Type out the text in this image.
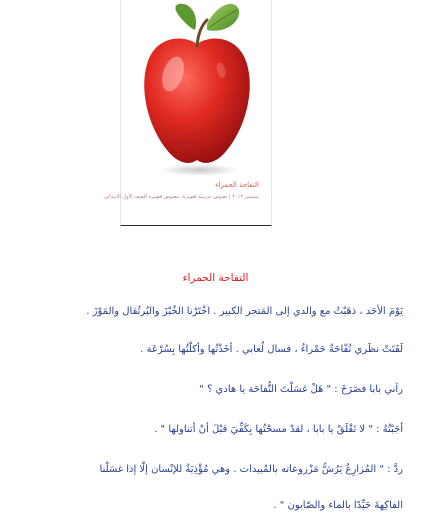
التفاحة الحمراء
سبتمبر ٢٠١٢ | نصوص تدريبية قصيرة، بنصوص قصيرة للصف الأول الابتدائي
التفاحة الحمراء
يَوْمَ الأحَد ، ذهَبْتُ مع والدي إلى المَتجر الكبير . اخْتَرْنا الخُبْزَ والبُرتُقال والمَوْزَ .
لَفَتَتْ نظَري تُفّاحَةٌ حَمْراءُ ، فسال لُعابي . أخَذْتُها وأكلْتُها بِسُرْعَة .
رآني بابا فصَرَخَ : " هَلْ غسَلْتَ التُّفاحَة يا هادي ؟ "
أجَبْتُهُ : " لا تَقْلَقْ يا بابا ، لقدْ مسحْتُها بِكَفِّيَ قبْلَ أنْ أتناولها " .
ردَّ : " المُزارِعُ يَرُشُّ مَزْروعاته بالمُبيدات . وهي مُؤْذِيَةٌ للإنْسان إلّا إذا غسَلْنا
الفاكِهةَ جَيِّدًا بالماء والصّابون " .
